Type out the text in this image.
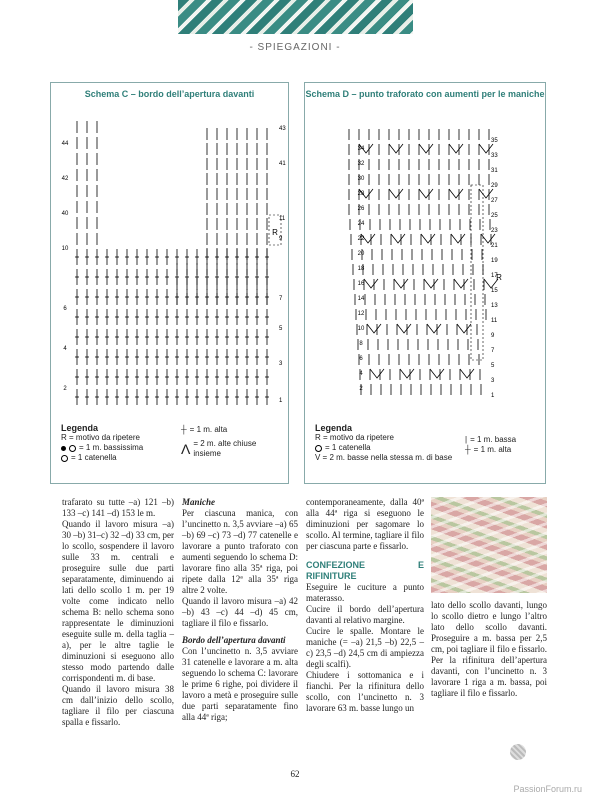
- SPIEGAZIONI -
Schema C – bordo dell’apertura davanti
R
2
4
6
10
40
42
44
1
3
5
7
9
11
41
43
Legenda
R = motivo da ripetere
= 1 m. bassissima
= 1 catenella
┼ = 1 m. alta
Λ = 2 m. alte chiuse insieme
Schema D – punto traforato con aumenti per le maniche
R
2
4
6
8
10
12
14
16
18
20
22
24
26
28
30
32
34
1
3
5
7
9
11
13
15
17
19
21
23
25
27
29
31
33
35
Legenda
R = motivo da ripetere
= 1 catenella
V = 2 m. basse nella stessa m. di base
| = 1 m. bassa
┼ = 1 m. alta
trafarato su tutte –a) 121 –b) 133 –c) 141 –d) 153 le m.
Quando il lavoro misura –a) 30 –b) 31–c) 32 –d) 33 cm, per lo scollo, sospendere il lavoro sulle 33 m. centrali e proseguire sulle due parti separatamente, diminuendo ai lati dello scollo 1 m. per 19 volte come indicato nello schema B: nello schema sono rappresentate le diminuzioni eseguite sulle m. della taglia –a), per le altre taglie le diminuzioni si eseguono allo stesso modo partendo dalle corrispondenti m. di base.
Quando il lavoro misura 38 cm dall’inizio dello scollo, tagliare il filo per ciascuna spalla e fissarlo.
Maniche
Per ciascuna manica, con l’uncinetto n. 3,5 avviare –a) 65 –b) 69 –c) 73 –d) 77 catenelle e lavorare a punto traforato con aumenti seguendo lo schema D: lavorare fino alla 35ª riga, poi ripete dalla 12ª alla 35ª riga altre 2 volte.
Quando il lavoro misura –a) 42 –b) 43 –c) 44 –d) 45 cm, tagliare il filo e fissarlo.
Bordo dell’apertura davanti
Con l’uncinetto n. 3,5 avviare 31 catenelle e lavorare a m. alta seguendo lo schema C: lavorare le prime 6 righe, poi dividere il lavoro a metà e proseguire sulle due parti separatamente fino alla 44ª riga;
contemporaneamente, dalla 40ª alla 44ª riga si eseguono le diminuzioni per sagomare lo scollo. Al termine, tagliare il filo per ciascuna parte e fissarlo.
CONFEZIONE E RIFINITURE
Eseguire le cuciture a punto materasso.
Cucire il bordo dell’apertura davanti al relativo margine.
Cucire le spalle. Montare le maniche (= –a) 21,5 –b) 22,5 –c) 23,5 –d) 24,5 cm di ampiezza degli scalfi).
Chiudere i sottomanica e i fianchi. Per la rifinitura dello scollo, con l’uncinetto n. 3 lavorare 63 m. basse lungo un
lato dello scollo davanti, lungo lo scollo dietro e lungo l’altro lato dello scollo davanti. Proseguire a m. bassa per 2,5 cm, poi tagliare il filo e fissarlo. Per la rifinitura dell’apertura davanti, con l’uncinetto n. 3 lavorare 1 riga a m. bassa, poi tagliare il filo e fissarlo.
62
PassionForum.ru
